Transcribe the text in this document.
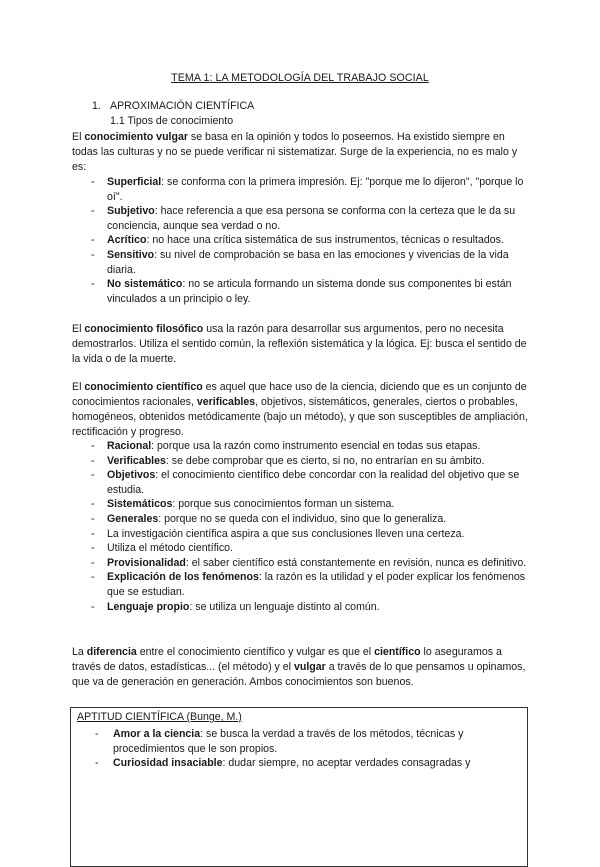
TEMA 1: LA METODOLOGÍA DEL TRABAJO SOCIAL
1. APROXIMACIÓN CIENTÍFICA
1.1 Tipos de conocimiento
El conocimiento vulgar se basa en la opinión y todos lo poseemos. Ha existido siempre en todas las culturas y no se puede verificar ni sistematizar. Surge de la experiencia, no es malo y es:
- Superficial: se conforma con la primera impresión. Ej: "porque me lo dijeron", "porque lo oí".
- Subjetivo: hace referencia a que esa persona se conforma con la certeza que le da su conciencia, aunque sea verdad o no.
- Acrítico: no hace una crítica sistemática de sus instrumentos, técnicas o resultados.
- Sensitivo: su nivel de comprobación se basa en las emociones y vivencias de la vida diaria.
- No sistemático: no se articula formando un sistema donde sus componentes bi están vinculados a un principio o ley.
El conocimiento filosófico usa la razón para desarrollar sus argumentos, pero no necesita demostrarlos. Utiliza el sentido común, la reflexión sistemática y la lógica. Ej: busca el sentido de la vida o de la muerte.
El conocimiento científico es aquel que hace uso de la ciencia, diciendo que es un conjunto de conocimientos racionales, verificables, objetivos, sistemáticos, generales, ciertos o probables, homogéneos, obtenidos metódicamente (bajo un método), y que son susceptibles de ampliación, rectificación y progreso.
- Racional: porque usa la razón como instrumento esencial en todas sus etapas.
- Verificables: se debe comprobar que es cierto, si no, no entrarían en su ámbito.
- Objetivos: el conocimiento científico debe concordar con la realidad del objetivo que se estudia.
- Sistemáticos: porque sus conocimientos forman un sistema.
- Generales: porque no se queda con el individuo, sino que lo generaliza.
- La investigación científica aspira a que sus conclusiones lleven una certeza.
- Utiliza el método científico.
- Provisionalidad: el saber científico está constantemente en revisión, nunca es definitivo.
- Explicación de los fenómenos: la razón es la utilidad y el poder explicar los fenómenos que se estudian.
- Lenguaje propio: se utiliza un lenguaje distinto al común.
La diferencia entre el conocimiento científico y vulgar es que el científico lo aseguramos a través de datos, estadísticas... (el método) y el vulgar a través de lo que pensamos u opinamos, que va de generación en generación. Ambos conocimientos son buenos.
APTITUD CIENTÍFICA (Bunge, M.)
- Amor a la ciencia: se busca la verdad a través de los métodos, técnicas y procedimientos que le son propios.
- Curiosidad insaciable: dudar siempre, no aceptar verdades consagradas y
